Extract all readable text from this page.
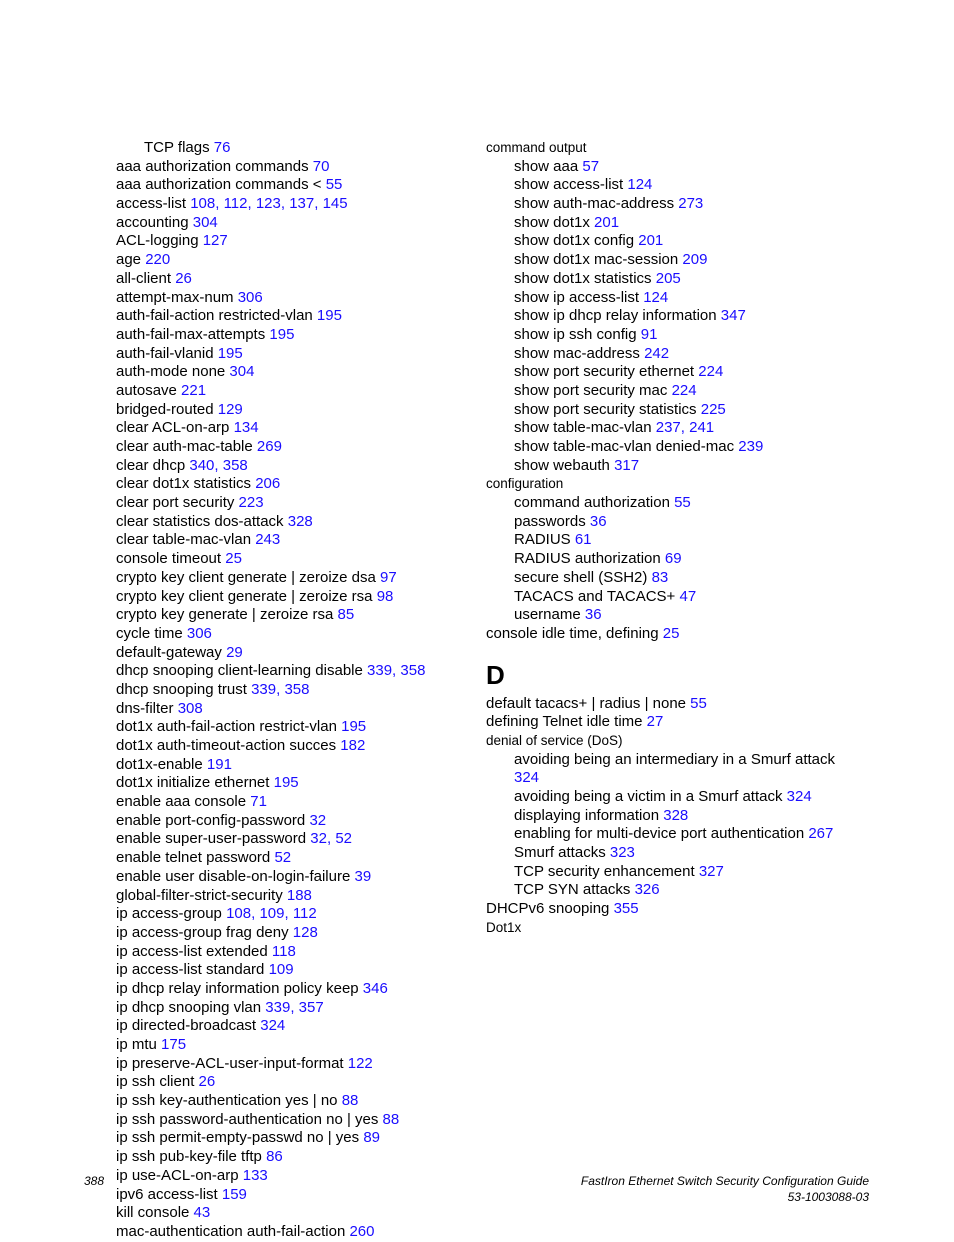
TCP flags 76
aaa authorization commands 70
aaa authorization commands < 55
access-list 108, 112, 123, 137, 145
accounting 304
ACL-logging 127
age 220
all-client 26
attempt-max-num 306
auth-fail-action restricted-vlan 195
auth-fail-max-attempts 195
auth-fail-vlanid 195
auth-mode none 304
autosave 221
bridged-routed 129
clear ACL-on-arp 134
clear auth-mac-table 269
clear dhcp 340, 358
clear dot1x statistics 206
clear port security 223
clear statistics dos-attack 328
clear table-mac-vlan 243
console timeout 25
crypto key client generate | zeroize dsa 97
crypto key client generate | zeroize rsa 98
crypto key generate | zeroize rsa 85
cycle time 306
default-gateway 29
dhcp snooping client-learning disable 339, 358
dhcp snooping trust 339, 358
dns-filter 308
dot1x auth-fail-action restrict-vlan 195
dot1x auth-timeout-action succes 182
dot1x-enable 191
dot1x initialize ethernet 195
enable aaa console 71
enable port-config-password 32
enable super-user-password 32, 52
enable telnet password 52
enable user disable-on-login-failure 39
global-filter-strict-security 188
ip access-group 108, 109, 112
ip access-group frag deny 128
ip access-list extended 118
ip access-list standard 109
ip dhcp relay information policy keep 346
ip dhcp snooping vlan 339, 357
ip directed-broadcast 324
ip mtu 175
ip preserve-ACL-user-input-format 122
ip ssh client 26
ip ssh key-authentication yes | no 88
ip ssh password-authentication no | yes 88
ip ssh permit-empty-passwd no | yes 89
ip ssh pub-key-file tftp 86
ip use-ACL-on-arp 133
ipv6 access-list 159
kill console 43
mac-authentication auth-fail-action 260
command output
show aaa 57
show access-list 124
show auth-mac-address 273
show dot1x 201
show dot1x config 201
show dot1x mac-session 209
show dot1x statistics 205
show ip access-list 124
show ip dhcp relay information 347
show ip ssh config 91
show mac-address 242
show port security ethernet 224
show port security mac 224
show port security statistics 225
show table-mac-vlan 237, 241
show table-mac-vlan denied-mac 239
show webauth 317
configuration
command authorization 55
passwords 36
RADIUS 61
RADIUS authorization 69
secure shell (SSH2) 83
TACACS and TACACS+ 47
username 36
console idle time, defining 25
D
default tacacs+ | radius | none 55
defining Telnet idle time 27
denial of service (DoS)
avoiding being an intermediary in a Smurf attack 324
avoiding being a victim in a Smurf attack 324
displaying information 328
enabling for multi-device port authentication 267
Smurf attacks 323
TCP security enhancement 327
TCP SYN attacks 326
DHCPv6 snooping 355
Dot1x
388	FastIron Ethernet Switch Security Configuration Guide
53-1003088-03
